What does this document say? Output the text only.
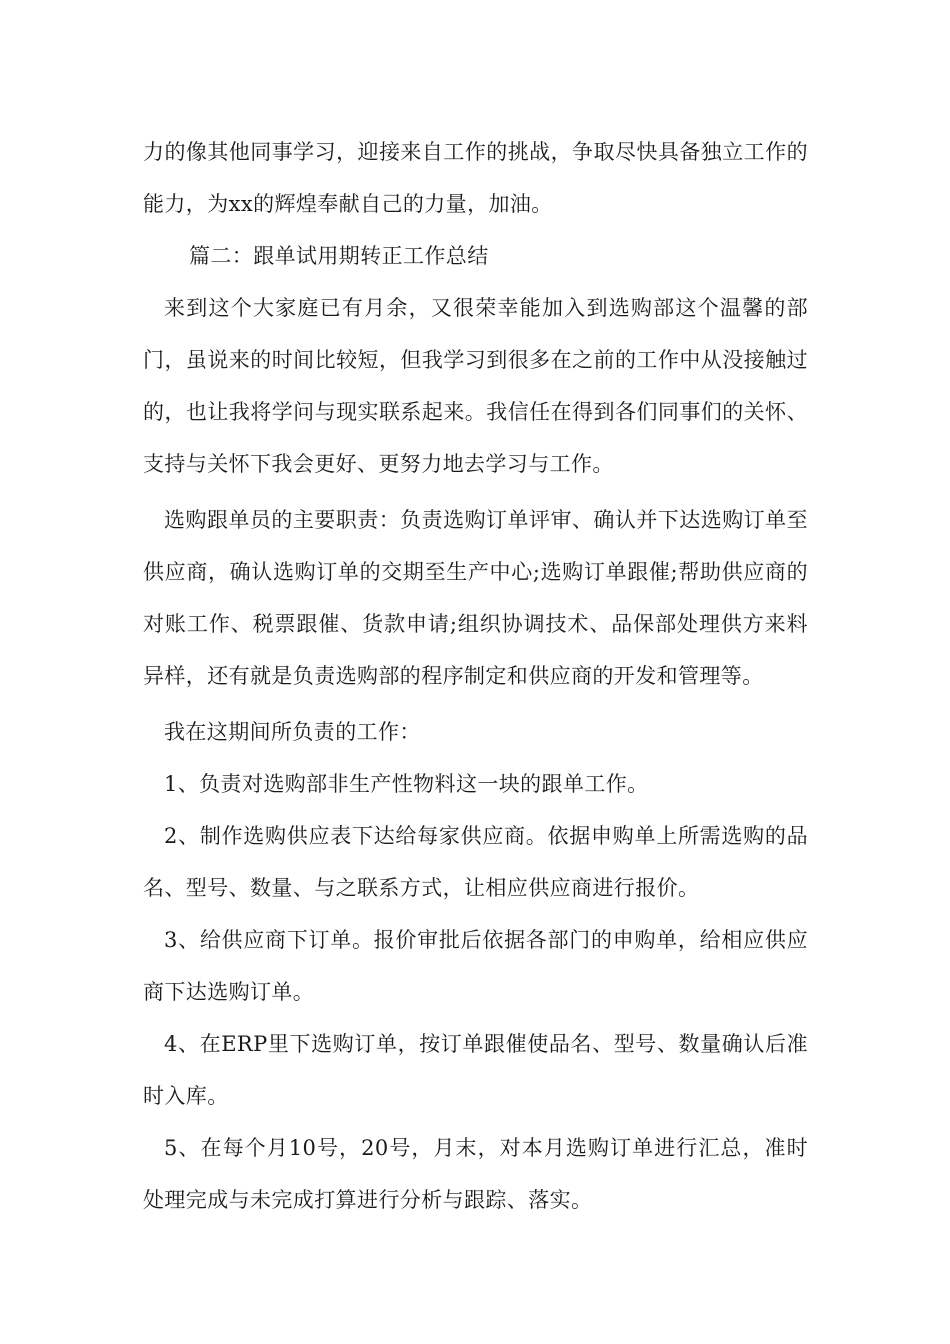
力的像其他同事学习，迎接来自工作的挑战，争取尽快具备独立工作的能力，为xx的辉煌奉献自己的力量，加油。

篇二：跟单试用期转正工作总结

来到这个大家庭已有月余，又很荣幸能加入到选购部这个温馨的部门，虽说来的时间比较短，但我学习到很多在之前的工作中从没接触过的，也让我将学问与现实联系起来。我信任在得到各们同事们的关怀、支持与关怀下我会更好、更努力地去学习与工作。

选购跟单员的主要职责：负责选购订单评审、确认并下达选购订单至供应商，确认选购订单的交期至生产中心;选购订单跟催;帮助供应商的对账工作、税票跟催、货款申请;组织协调技术、品保部处理供方来料异样，还有就是负责选购部的程序制定和供应商的开发和管理等。

我在这期间所负责的工作：

1、负责对选购部非生产性物料这一块的跟单工作。

2、制作选购供应表下达给每家供应商。依据申购单上所需选购的品名、型号、数量、与之联系方式，让相应供应商进行报价。

3、给供应商下订单。报价审批后依据各部门的申购单，给相应供应商下达选购订单。

4、在ERP里下选购订单，按订单跟催使品名、型号、数量确认后准时入库。

5、在每个月10号，20号，月末，对本月选购订单进行汇总，准时处理完成与未完成打算进行分析与跟踪、落实。
